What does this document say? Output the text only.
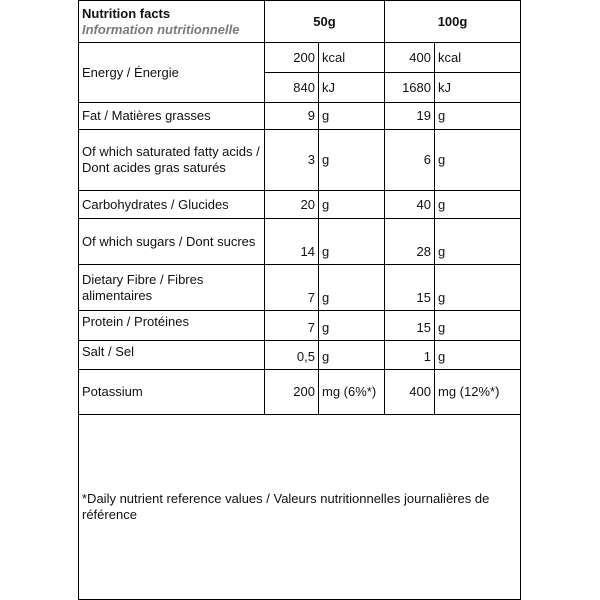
Nutrition facts
Information nutritionnelle	50g		100g	
Energy / Énergie	200	kcal	400	kcal
	840	kJ	1680	kJ
Fat / Matières grasses	9	g	19	g
Of which saturated fatty acids / Dont acides gras saturés	3	g	6	g
Carbohydrates / Glucides	20	g	40	g
Of which sugars / Dont sucres	14	g	28	g
Dietary Fibre / Fibres alimentaires	7	g	15	g
Protein / Protéines	7	g	15	g
Salt / Sel	0,5	g	1	g
Potassium	200	mg (6%*)	400	mg (12%*)
*Daily nutrient reference values / Valeurs nutritionnelles journalières de référence				
